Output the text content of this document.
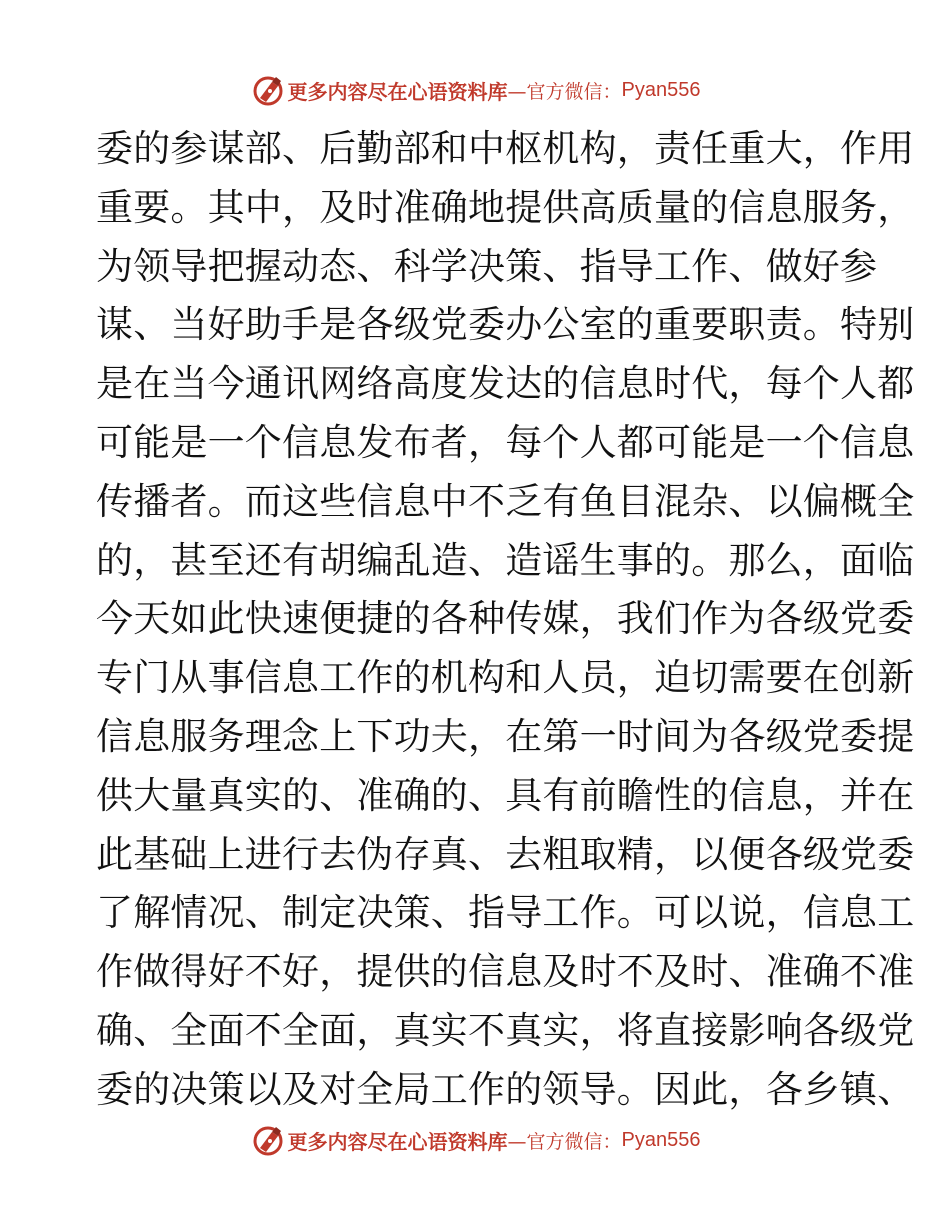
更多内容尽在心语资料库 —官方微信： Pyan556
委的参谋部、后勤部和中枢机构，责任重大，作用
重要。其中，及时准确地提供高质量的信息服务，
为领导把握动态、科学决策、指导工作、做好参
谋、当好助手是各级党委办公室的重要职责。特别
是在当今通讯网络高度发达的信息时代，每个人都
可能是一个信息发布者，每个人都可能是一个信息
传播者。而这些信息中不乏有鱼目混杂、以偏概全
的，甚至还有胡编乱造、造谣生事的。那么，面临
今天如此快速便捷的各种传媒，我们作为各级党委
专门从事信息工作的机构和人员，迫切需要在创新
信息服务理念上下功夫，在第一时间为各级党委提
供大量真实的、准确的、具有前瞻性的信息，并在
此基础上进行去伪存真、去粗取精，以便各级党委
了解情况、制定决策、指导工作。可以说，信息工
作做得好不好，提供的信息及时不及时、准确不准
确、全面不全面，真实不真实，将直接影响各级党
委的决策以及对全局工作的领导。因此，各乡镇、
更多内容尽在心语资料库 —官方微信： Pyan556
